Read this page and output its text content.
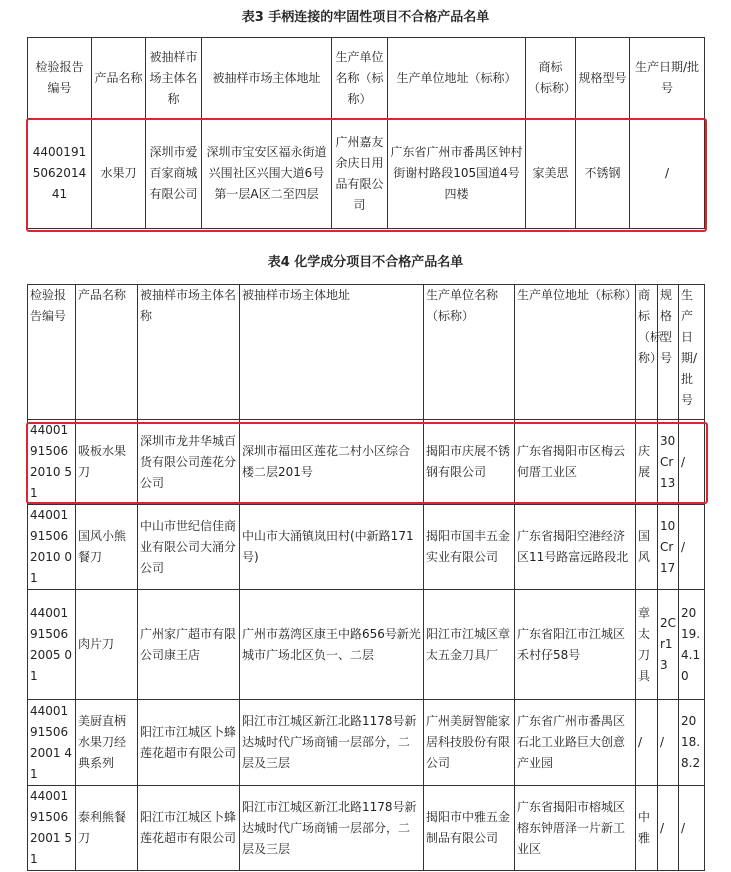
表3 手柄连接的牢固性项目不合格产品名单
检验报告编号	产品名称	被抽样市场主体名称	被抽样市场主体地址	生产单位名称（标称）	生产单位地址（标称）	商标（标称）	规格型号	生产日期/批号
4400191506201441	水果刀	深圳市爱百家商城有限公司	深圳市宝安区福永街道兴围社区兴围大道6号第一层A区二至四层	广州嘉友余庆日用品有限公司	广东省广州市番禺区钟村街谢村路段105国道4号四楼	家美思	不锈钢	/
表4 化学成分项目不合格产品名单
检验报告编号	产品名称	被抽样市场主体名称	被抽样市场主体地址	生产单位名称（标称）	生产单位地址（标称）	商标（标称）	规格型号	生产日期/批号
44001915062010 51	吸板水果刀	深圳市龙井华城百货有限公司莲花分公司	深圳市福田区莲花二村小区综合楼二层201号	揭阳市庆展不锈钢有限公司	广东省揭阳市区梅云何厝工业区	庆展	30Cr13	/
44001915062010 01	国风小熊餐刀	中山市世纪信佳商业有限公司大涌分公司	中山市大涌镇岚田村(中新路171号)	揭阳市国丰五金实业有限公司	广东省揭阳空港经济区11号路富远路段北	国风	10Cr17	/
44001915062005 01	肉片刀	广州家广超市有限公司康王店	广州市荔湾区康王中路656号新光城市广场北区负一、二层	阳江市江城区章太五金刀具厂	广东省阳江市江城区禾村仔58号	章太刀具	2Cr13	2019.4.10
44001915062001 41	美厨直柄水果刀经典系列	阳江市江城区卜蜂莲花超市有限公司	阳江市江城区新江北路1178号新达城时代广场商铺一层部分，二层及三层	广州美厨智能家居科技股份有限公司	广东省广州市番禺区石北工业路巨大创意产业园	/	/	2018.8.2
44001915062001 51	泰利熊餐刀	阳江市江城区卜蜂莲花超市有限公司	阳江市江城区新江北路1178号新达城时代广场商铺一层部分，二层及三层	揭阳市中雅五金制品有限公司	广东省揭阳市榕城区榕东钟厝泽一片新工业区	中雅	/	/
